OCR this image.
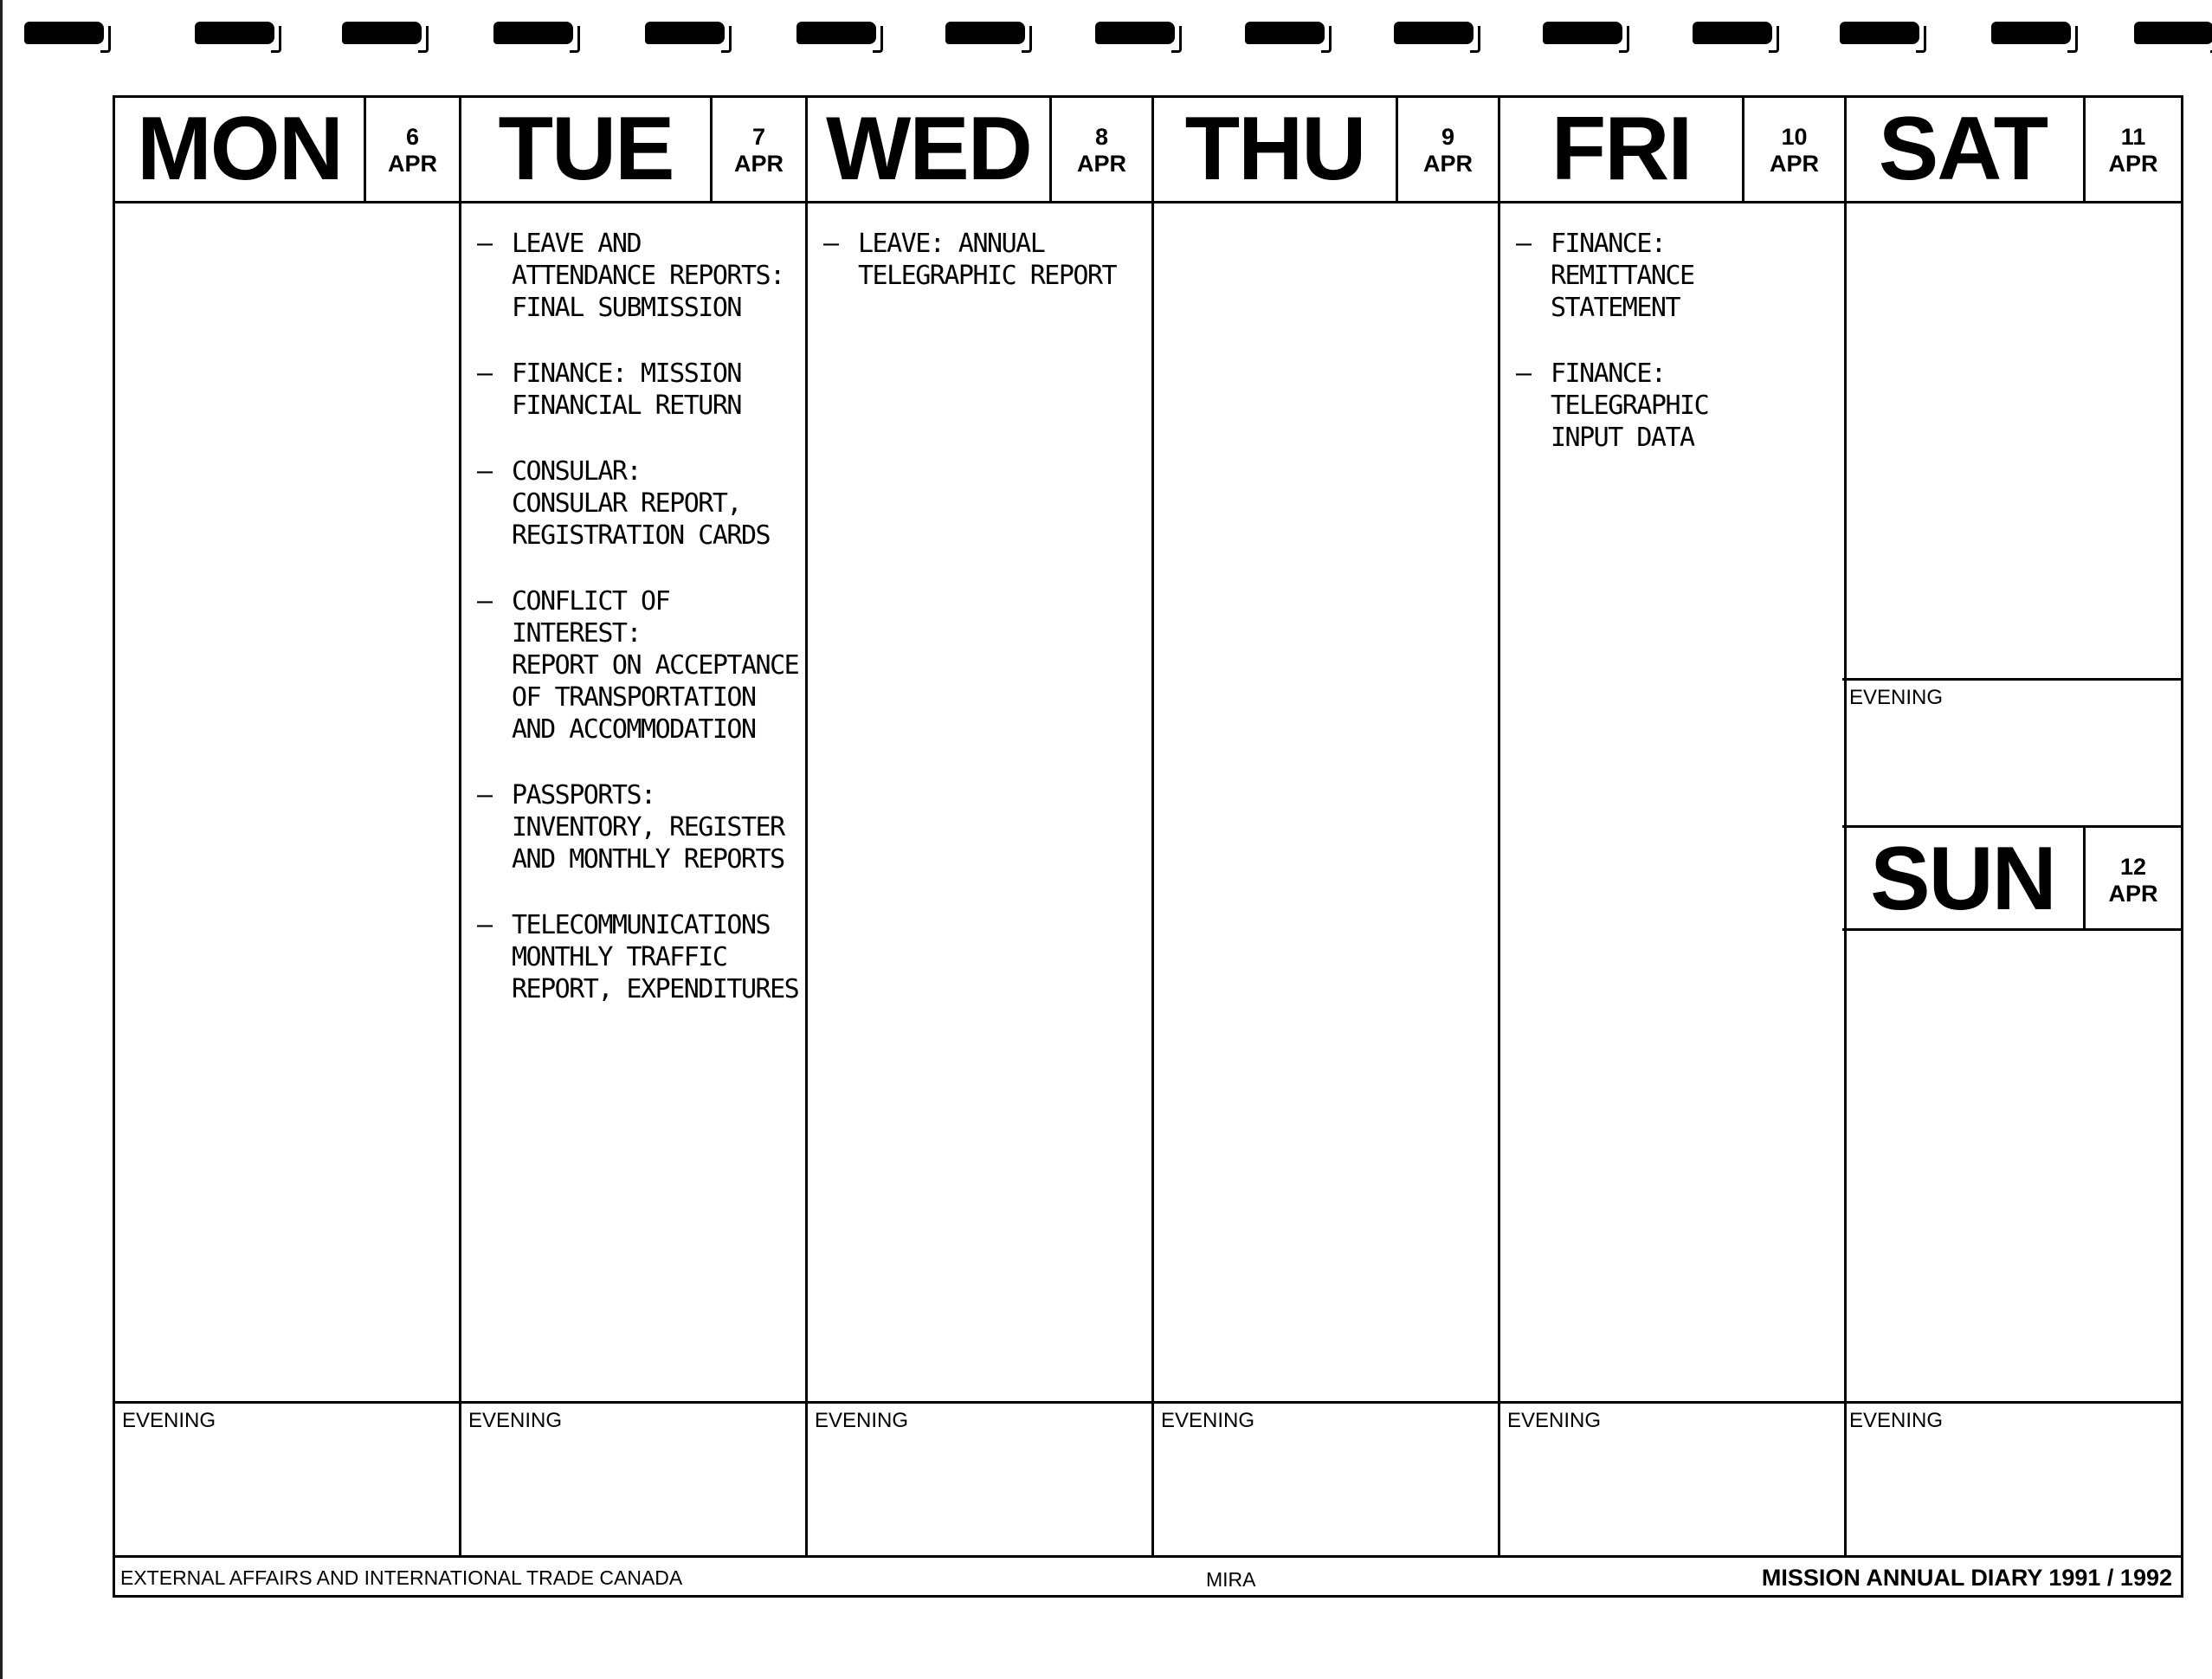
MON	6
APR
EVENING
TUE	7
APR
— LEAVE AND
ATTENDANCE REPORTS:
FINAL SUBMISSION
— FINANCE: MISSION
FINANCIAL RETURN
— CONSULAR:
CONSULAR REPORT,
REGISTRATION CARDS
— CONFLICT OF INTEREST:
REPORT ON ACCEPTANCE
OF TRANSPORTATION
AND ACCOMMODATION
— PASSPORTS:
INVENTORY, REGISTER
AND MONTHLY REPORTS
— TELECOMMUNICATIONS
MONTHLY TRAFFIC
REPORT, EXPENDITURES
EVENING
WED	8
APR
— LEAVE: ANNUAL
TELEGRAPHIC REPORT
EVENING
THU	9
APR
EVENING
FRI	10
APR
— FINANCE:
REMITTANCE
STATEMENT
— FINANCE:
TELEGRAPHIC
INPUT DATA
EVENING
SAT	11
APR
EVENING
SUN	12
APR
EVENING
EXTERNAL AFFAIRS AND INTERNATIONAL TRADE CANADA	MIRA	MISSION ANNUAL DIARY 1991 / 1992
